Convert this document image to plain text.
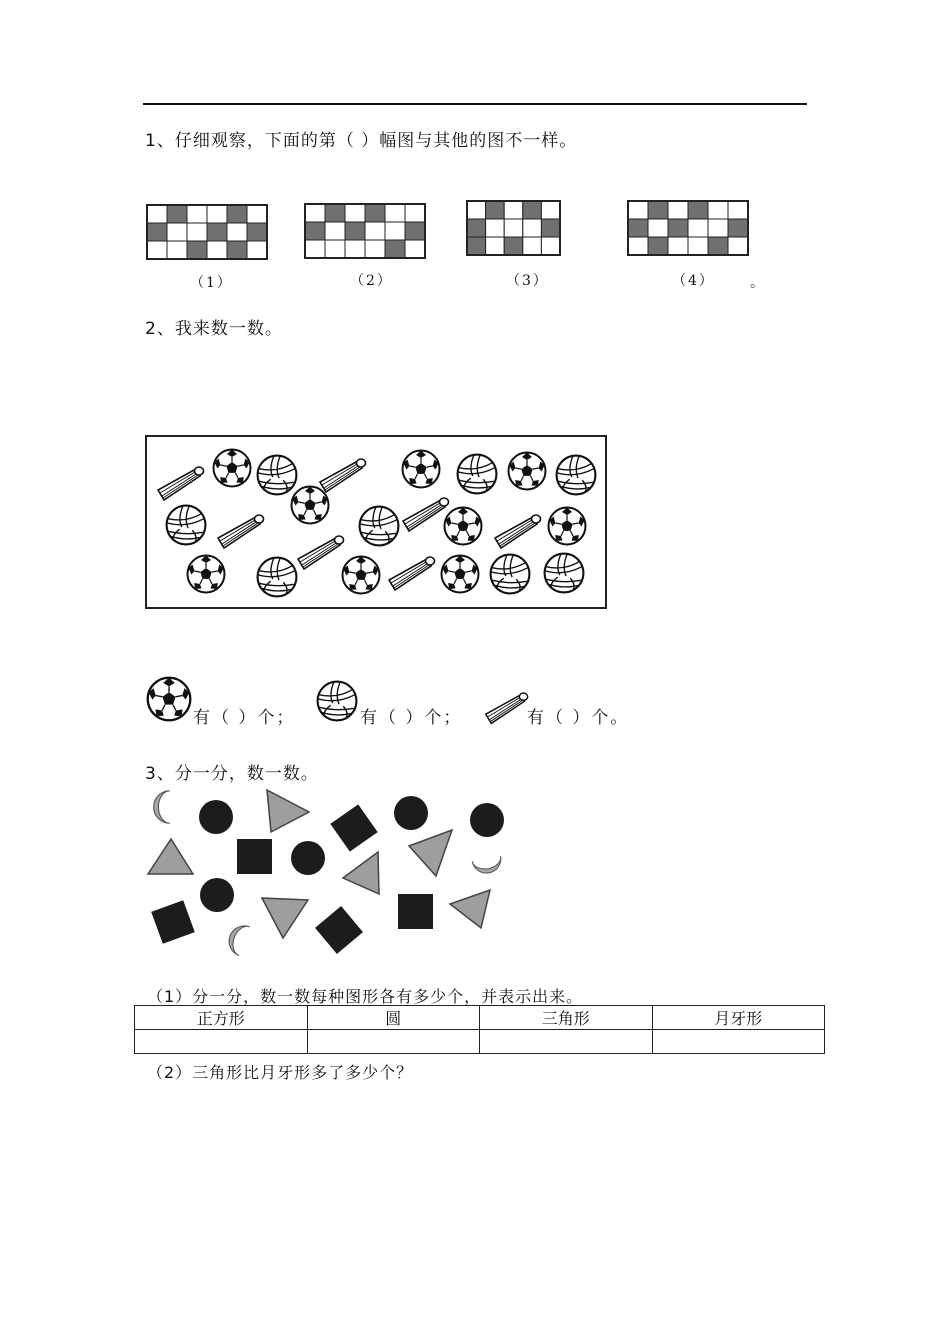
1、仔细观察，下面的第（ ）幅图与其他的图不一样。
（1）	（2）	（3）	（4）	。
2、我来数一数。
有（ ）个；	有（ ）个；	有（ ）个。
3、分一分，数一数。
（1）分一分，数一数每种图形各有多少个，并表示出来。
正方形	圆	三角形	月牙形

（2）三角形比月牙形多了多少个？
